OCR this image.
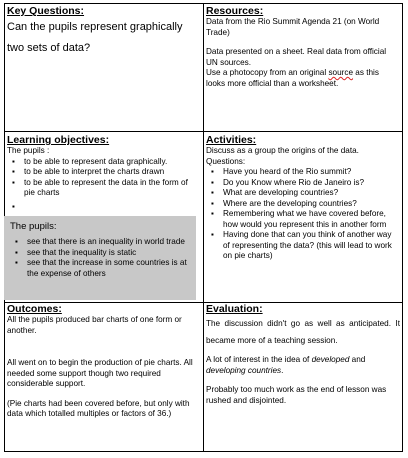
Key Questions:
Can the pupils represent graphically two sets of data?
Resources:

Data from the Rio Summit Agenda 21 (on World Trade)

Data presented on a sheet. Real data from official UN sources.

Use a photocopy from an original source as this looks more official than a worksheet.

Learning objectives:

The pupils :

▪ to be able to represent data graphically.
▪ to be able to interpret the charts drawn
▪ to be able to represent the data in the form of pie charts
▪
The pupils:
▪ see that there is an inequality in world trade
▪ see that the inequality is static
▪ see that the increase in some countries is at the expense of others
Activities:

Discuss as a group the origins of the data. Questions:

▪ Have you heard of the Rio summit?
▪ Do you Know where Rio de Janeiro is?
▪ What are developing countries?
▪ Where are the developing countries?
▪ Remembering what we have covered before, how would you represent this in another form
▪ Having done that can you think of another way of representing the data? (this will lead to work on pie charts)
Outcomes:

All the pupils produced bar charts of one form or another.

All went on to begin the production of pie charts. All needed some support though two required considerable support.

(Pie charts had been covered before, but only with data which totalled multiples or factors of 36.)

Evaluation:

The discussion didn't go as well as anticipated. It became more of a teaching session.

A lot of interest in the idea of developed and developing countries.

Probably too much work as the end of lesson was rushed and disjointed.
